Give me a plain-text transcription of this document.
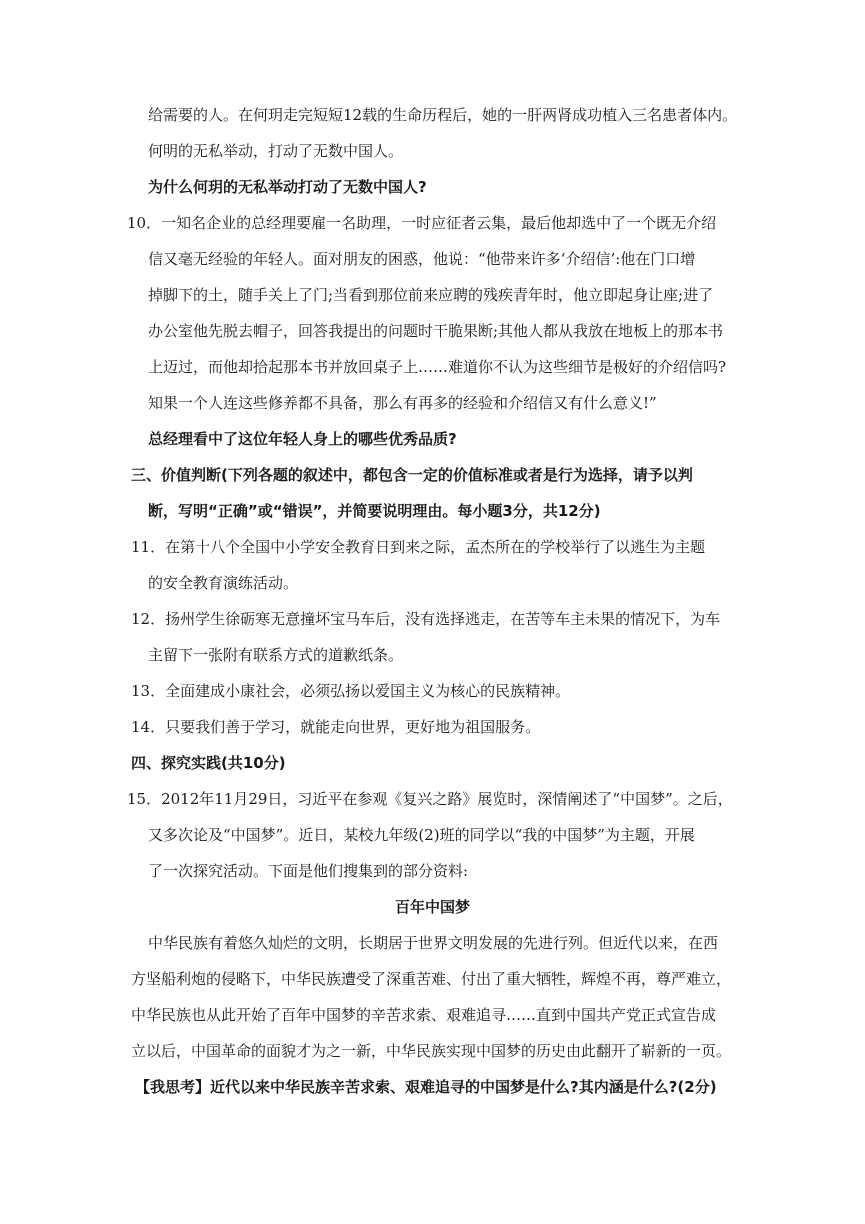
给需要的人。在何玥走完短短12载的生命历程后，她的一肝两肾成功植入三名患者体内。
何明的无私举动，打动了无数中国人。
为什么何玥的无私举动打动了无数中国人?
10．一知名企业的总经理要雇一名助理，一时应征者云集，最后他却选中了一个既无介绍
信又毫无经验的年轻人。面对朋友的困惑，他说：“他带来许多‘介绍信’:他在门口增
掉脚下的土，随手关上了门;当看到那位前来应聘的残疾青年时，他立即起身让座;进了
办公室他先脱去帽子，回答我提出的问题时干脆果断;其他人都从我放在地板上的那本书
上迈过，而他却拾起那本书并放回桌子上……难道你不认为这些细节是极好的介绍信吗?
知果一个人连这些修养都不具备，那么有再多的经验和介绍信又有什么意义!”
总经理看中了这位年轻人身上的哪些优秀品质?
三、价值判断(下列各题的叙述中，都包含一定的价值标准或者是行为选择，请予以判
断，写明“正确”或“错误”，并简要说明理由。每小题3分，共12分)
11．在第十八个全国中小学安全教育日到来之际，孟杰所在的学校举行了以逃生为主题
的安全教育演练活动。
12．扬州学生徐砺寒无意撞坏宝马车后，没有选择逃走，在苦等车主未果的情况下，为车
主留下一张附有联系方式的道歉纸条。
13．全面建成小康社会，必须弘扬以爱国主义为核心的民族精神。
14．只要我们善于学习，就能走向世界，更好地为祖国服务。
四、探究实践(共10分)
15．2012年11月29日，习近平在参观《复兴之路》展览时，深情阐述了“中国梦”。之后，
又多次论及“中国梦”。近日，某校九年级(2)班的同学以“我的中国梦”为主题，开展
了一次探究活动。下面是他们搜集到的部分资料:
百年中国梦
中华民族有着悠久灿烂的文明，长期居于世界文明发展的先进行列。但近代以来，在西
方坚船利炮的侵略下，中华民族遭受了深重苦难、付出了重大牺牲，辉煌不再，尊严难立，
中华民族也从此开始了百年中国梦的辛苦求索、艰难追寻……直到中国共产党正式宣告成
立以后，中国革命的面貌才为之一新，中华民族实现中国梦的历史由此翻开了崭新的一页。
【我思考】近代以来中华民族辛苦求索、艰难追寻的中国梦是什么?其内涵是什么?(2分)
